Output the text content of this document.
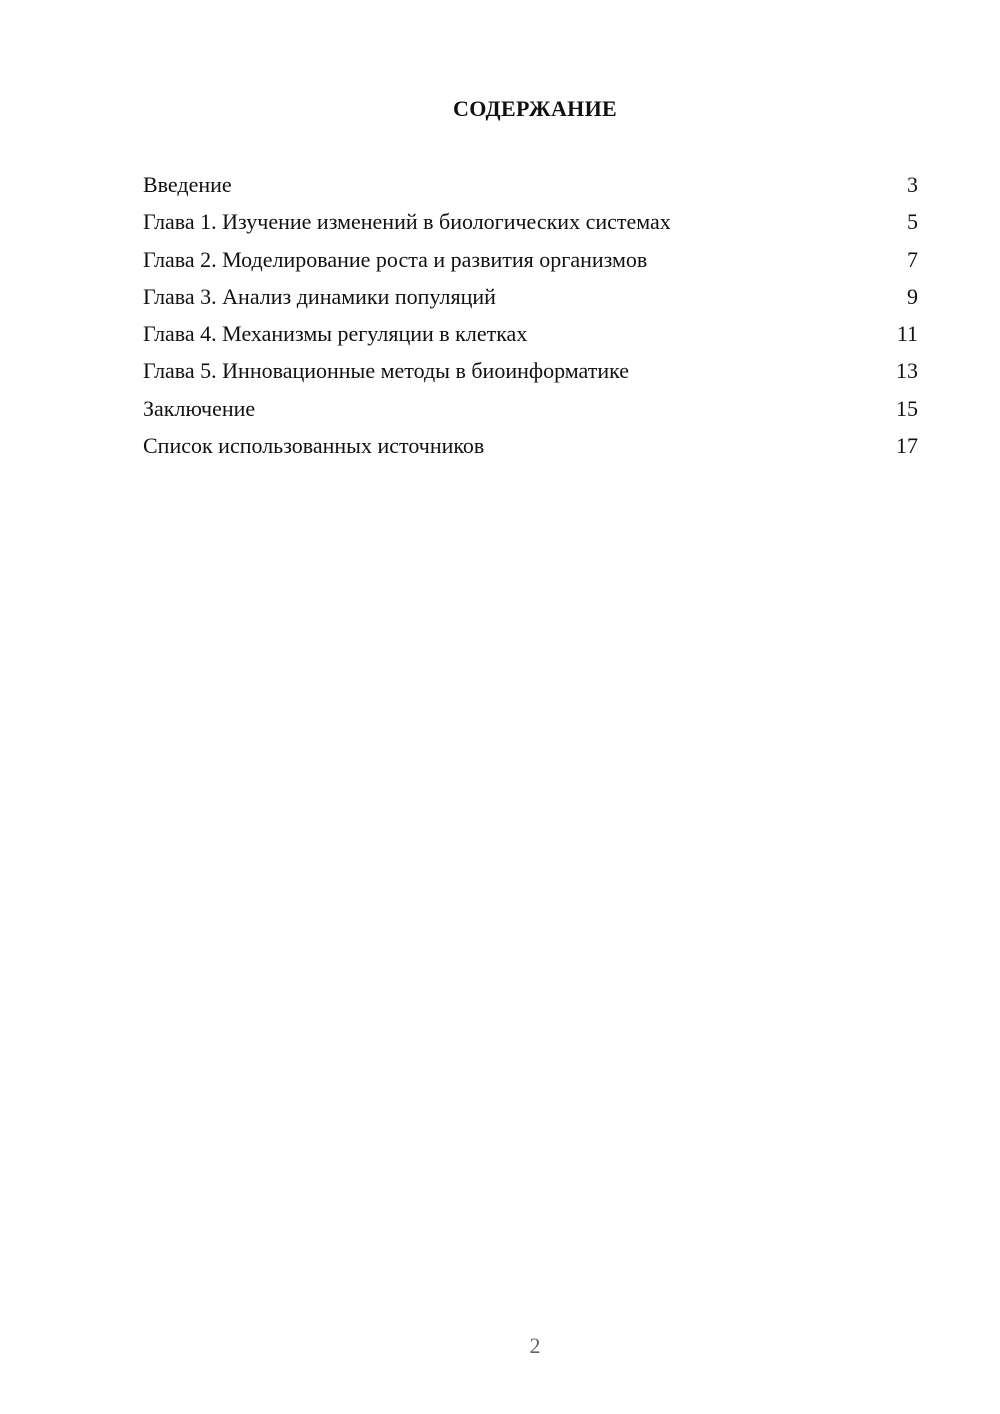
СОДЕРЖАНИЕ
Введение	3
Глава 1. Изучение изменений в биологических системах	5
Глава 2. Моделирование роста и развития организмов	7
Глава 3. Анализ динамики популяций	9
Глава 4. Механизмы регуляции в клетках	11
Глава 5. Инновационные методы в биоинформатике	13
Заключение	15
Список использованных источников	17
2
